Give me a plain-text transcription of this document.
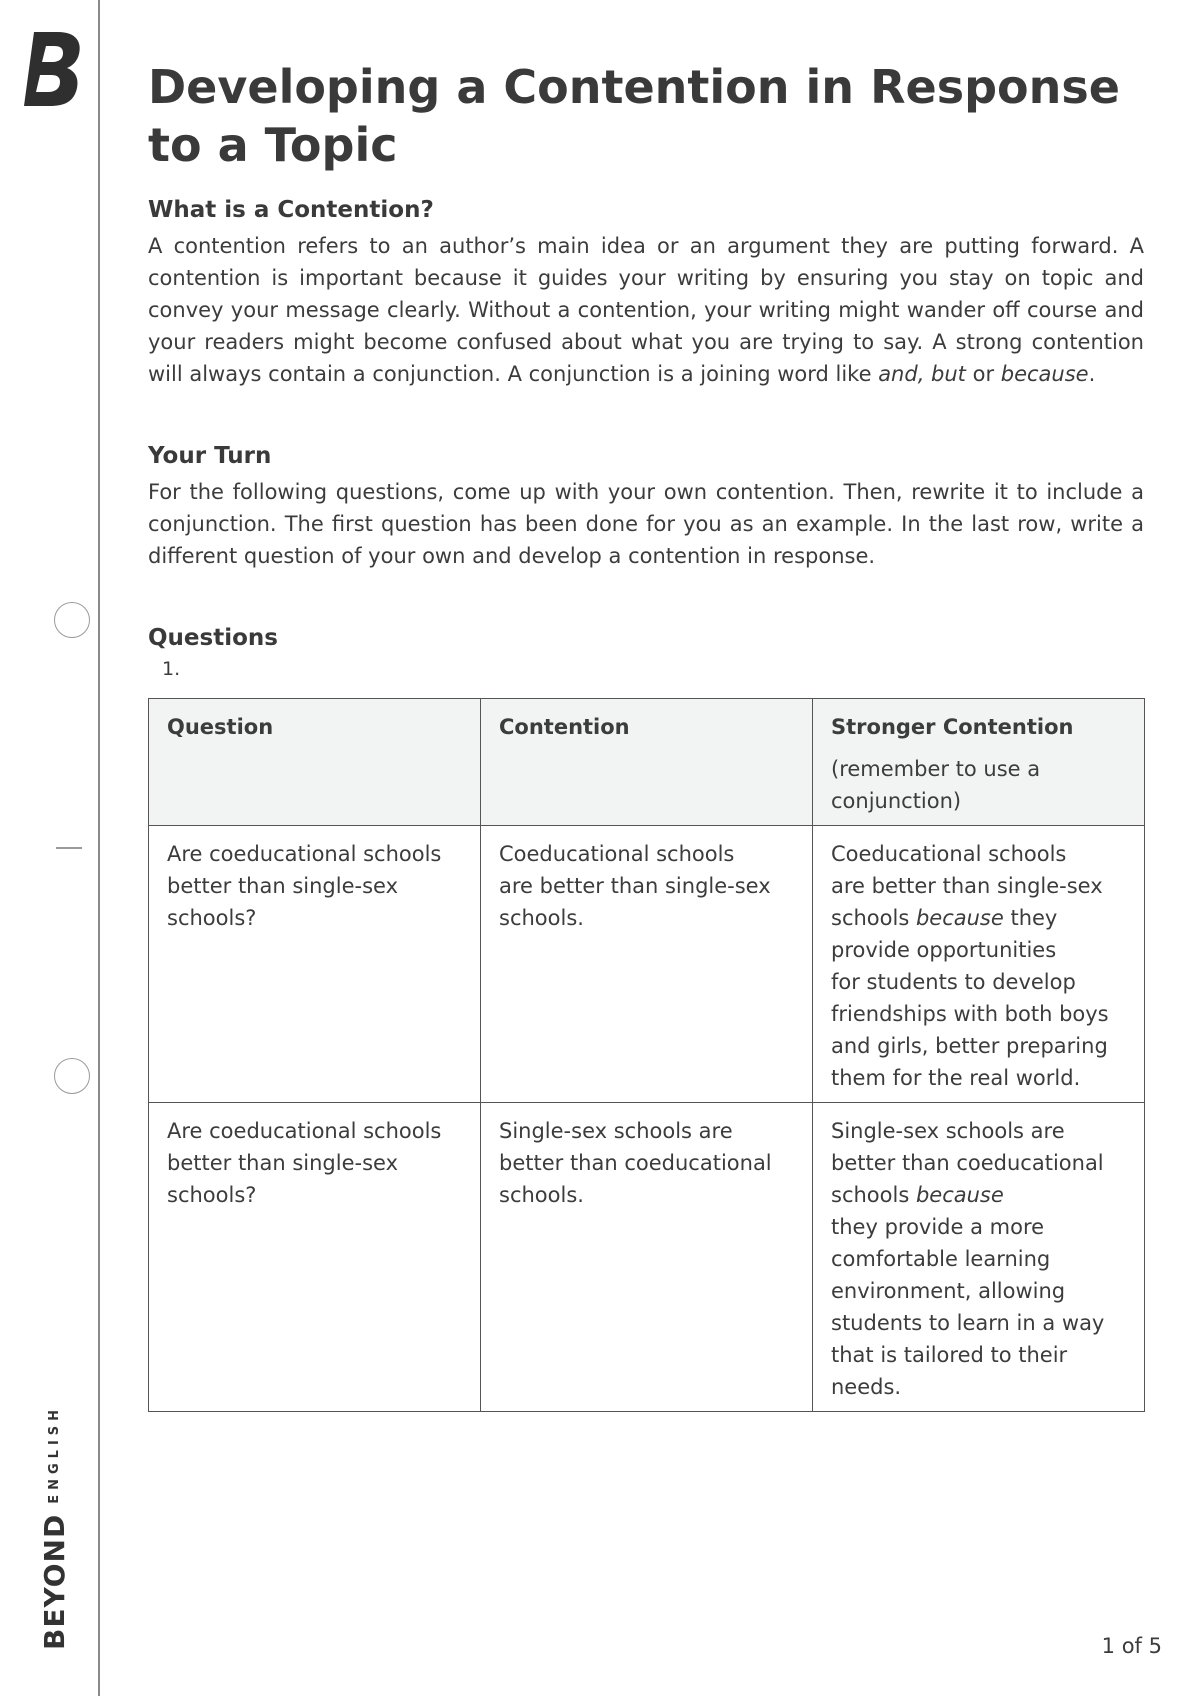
BEYOND
ENGLISH
Developing a Contention in Response to a Topic
What is a Contention?

A contention refers to an author’s main idea or an argument they are putting forward. A contention is important because it guides your writing by ensuring you stay on topic and convey your message clearly. Without a contention, your writing might wander off course and your readers might become confused about what you are trying to say. A strong contention will always contain a conjunction. A conjunction is a joining word like and, but or because.

Your Turn

For the following questions, come up with your own contention. Then, rewrite it to include a conjunction. The first question has been done for you as an example. In the last row, write a different question of your own and develop a contention in response.

Questions

1.

Question	Contention	Stronger Contention
(remember to use a conjunction)

Are coeducational schools better than single-sex schools?	Coeducational schools
are better than single-sex schools.	Coeducational schools
are better than single-sex schools because they provide opportunities
for students to develop friendships with both boys and girls, better preparing them for the real world.

Are coeducational schools better than single-sex schools?	Single-sex schools are better than coeducational schools.	Single-sex schools are better than coeducational schools because
they provide a more comfortable learning environment, allowing students to learn in a way that is tailored to their needs.
1 of 5
